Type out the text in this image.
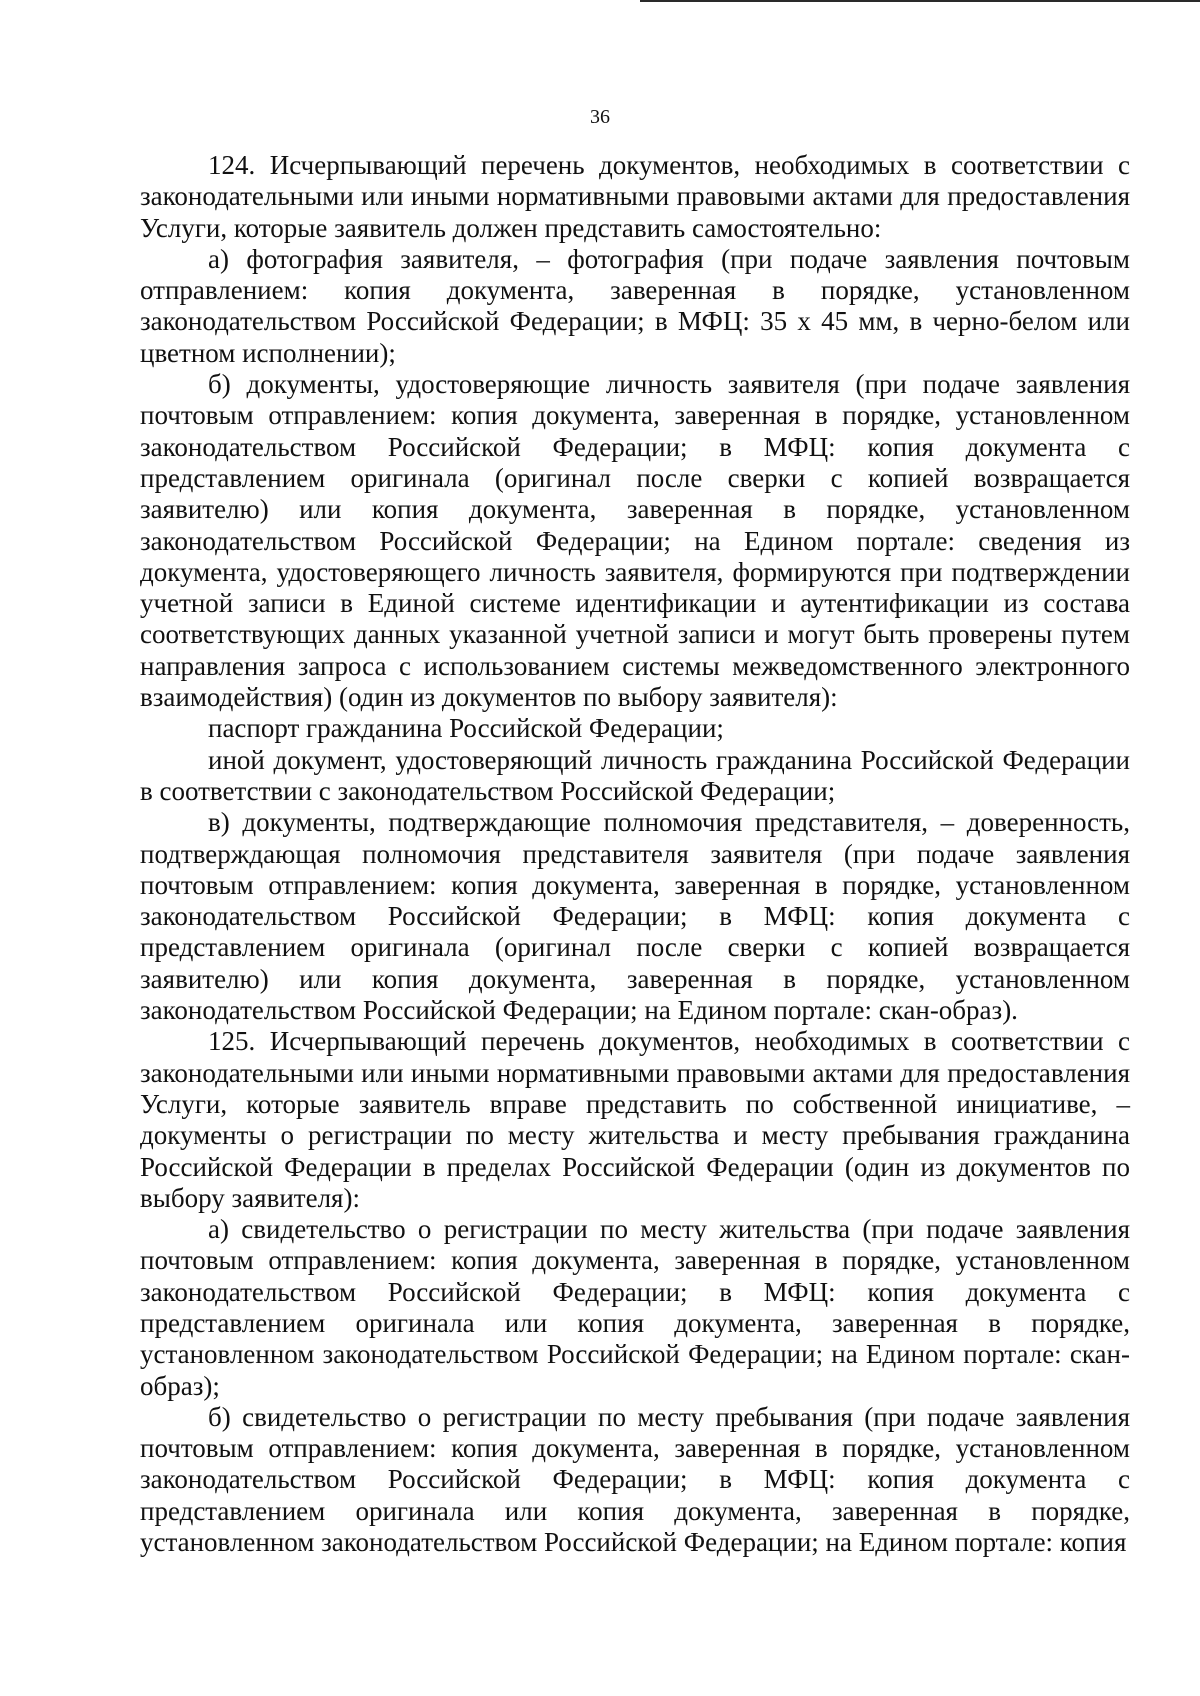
36

124. Исчерпывающий перечень документов, необходимых в соответствии с законодательными или иными нормативными правовыми актами для предоставления Услуги, которые заявитель должен представить самостоятельно:

а) фотография заявителя, – фотография (при подаче заявления почтовым отправлением: копия документа, заверенная в порядке, установленном законодательством Российской Федерации; в МФЦ: 35 х 45 мм, в черно-белом или цветном исполнении);

б) документы, удостоверяющие личность заявителя (при подаче заявления почтовым отправлением: копия документа, заверенная в порядке, установленном законодательством Российской Федерации; в МФЦ: копия документа с представлением оригинала (оригинал после сверки с копией возвращается заявителю) или копия документа, заверенная в порядке, установленном законодательством Российской Федерации; на Едином портале: сведения из документа, удостоверяющего личность заявителя, формируются при подтверждении учетной записи в Единой системе идентификации и аутентификации из состава соответствующих данных указанной учетной записи и могут быть проверены путем направления запроса с использованием системы межведомственного электронного взаимодействия) (один из документов по выбору заявителя):

паспорт гражданина Российской Федерации;

иной документ, удостоверяющий личность гражданина Российской Федерации в соответствии с законодательством Российской Федерации;

в) документы, подтверждающие полномочия представителя, – доверенность, подтверждающая полномочия представителя заявителя (при подаче заявления почтовым отправлением: копия документа, заверенная в порядке, установленном законодательством Российской Федерации; в МФЦ: копия документа с представлением оригинала (оригинал после сверки с копией возвращается заявителю) или копия документа, заверенная в порядке, установленном законодательством Российской Федерации; на Едином портале: скан-образ).

125. Исчерпывающий перечень документов, необходимых в соответствии с законодательными или иными нормативными правовыми актами для предоставления Услуги, которые заявитель вправе представить по собственной инициативе, – документы о регистрации по месту жительства и месту пребывания гражданина Российской Федерации в пределах Российской Федерации (один из документов по выбору заявителя):

а) свидетельство о регистрации по месту жительства (при подаче заявления почтовым отправлением: копия документа, заверенная в порядке, установленном законодательством Российской Федерации; в МФЦ: копия документа с представлением оригинала или копия документа, заверенная в порядке, установленном законодательством Российской Федерации; на Едином портале: скан-образ);

б) свидетельство о регистрации по месту пребывания (при подаче заявления почтовым отправлением: копия документа, заверенная в порядке, установленном законодательством Российской Федерации; в МФЦ: копия документа с представлением оригинала или копия документа, заверенная в порядке, установленном законодательством Российской Федерации; на Едином портале: копия
